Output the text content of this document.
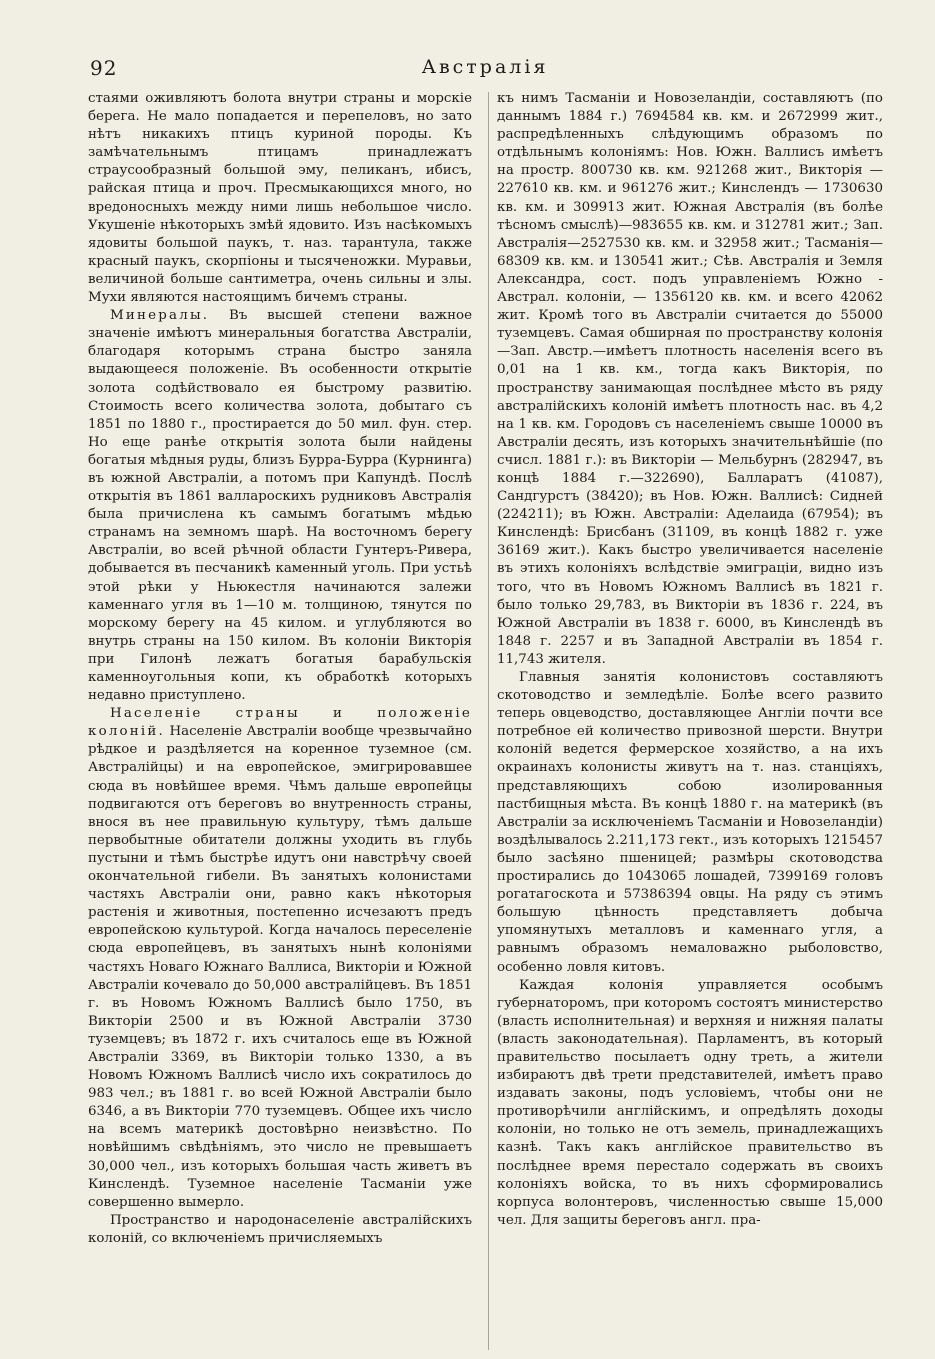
92	Австралія

стаями оживляютъ болота внутри страны и морскіе берега. Не мало попадается и перепеловъ, но зато нѣтъ никакихъ птицъ куриной породы. Къ замѣчательнымъ птицамъ принадлежатъ страусообразный большой эму, пеликанъ, ибисъ, райская птица и проч. Пресмыкающихся много, но вредоносныхъ между ними лишь небольшое число. Укушеніе нѣкоторыхъ змѣй ядовито. Изъ насѣкомыхъ ядовиты большой паукъ, т. наз. тарантула, также красный паукъ, скорпіоны и тысяченожки. Муравьи, величиной больше сантиметра, очень сильны и злы. Мухи являются настоящимъ бичемъ страны.

Минералы. Въ высшей степени важное значеніе имѣютъ минеральныя богатства Австраліи, благодаря которымъ страна быстро заняла выдающееся положеніе. Въ особенности открытіе золота содѣйствовало ея быстрому развитію. Стоимость всего количества золота, добытаго съ 1851 по 1880 г., простирается до 50 мил. фун. стер. Но еще ранѣе открытія золота были найдены богатыя мѣдныя руды, близъ Бурра-Бурра (Курнинга) въ южной Австраліи, а потомъ при Капундѣ. Послѣ открытія въ 1861 валлароскихъ рудниковъ Австралія была причислена къ самымъ богатымъ мѣдью странамъ на земномъ шарѣ. На восточномъ берегу Австраліи, во всей рѣчной области Гунтеръ-Ривера, добывается въ песчаникѣ каменный уголь. При устьѣ этой рѣки у Ньюкестля начинаются залежи каменнаго угля въ 1—10 м. толщиною, тянутся по морскому берегу на 45 килом. и углубляются во внутрь страны на 150 килом. Въ колоніи Викторія при Гилонѣ лежатъ богатыя барабульскія каменноугольныя копи, къ обработкѣ которыхъ недавно приступлено.

Населеніе страны и положеніе колоній. Населеніе Австраліи вообще чрезвычайно рѣдкое и раздѣляется на коренное туземное (см. Австралійцы) и на европейское, эмигрировавшее сюда въ новѣйшее время. Чѣмъ дальше европейцы подвигаются отъ береговъ во внутренность страны, внося въ нее правильную культуру, тѣмъ дальше первобытные обитатели должны уходить въ глубь пустыни и тѣмъ быстрѣе идутъ они навстрѣчу своей окончательной гибели. Въ занятыхъ колонистами частяхъ Австраліи они, равно какъ нѣкоторыя растенія и животныя, постепенно исчезаютъ предъ европейскою культурой. Когда началось переселеніе сюда европейцевъ, въ занятыхъ нынѣ колоніями частяхъ Новаго Южнаго Валлиса, Викторіи и Южной Австраліи кочевало до 50,000 австралійцевъ. Въ 1851 г. въ Новомъ Южномъ Валлисѣ было 1750, въ Викторіи 2500 и въ Южной Австраліи 3730 туземцевъ; въ 1872 г. ихъ считалось еще въ Южной Австраліи 3369, въ Викторіи только 1330, а въ Новомъ Южномъ Валлисѣ число ихъ сократилось до 983 чел.; въ 1881 г. во всей Южной Австраліи было 6346, а въ Викторіи 770 туземцевъ. Общее ихъ число на всемъ материкѣ достовѣрно неизвѣстно. По новѣйшимъ свѣдѣніямъ, это число не превышаетъ 30,000 чел., изъ которыхъ большая часть живетъ въ Кинслендѣ. Туземное населеніе Тасманіи уже совершенно вымерло.

Пространство и народонаселеніе австралійскихъ колоній, со включеніемъ причисляемыхъ

къ нимъ Тасманіи и Новозеландіи, составляютъ (по даннымъ 1884 г.) 7694584 кв. км. и 2672999 жит., распредѣленныхъ слѣдующимъ образомъ по отдѣльнымъ колоніямъ: Нов. Южн. Валлисъ имѣетъ на простр. 800730 кв. км. 921268 жит., Викторія — 227610 кв. км. и 961276 жит.; Кинслендъ — 1730630 кв. км. и 309913 жит. Южная Австралія (въ болѣе тѣсномъ смыслѣ)—983655 кв. км. и 312781 жит.; Зап. Австралія—2527530 кв. км. и 32958 жит.; Тасманія—68309 кв. км. и 130541 жит.; Сѣв. Австралія и Земля Александра, сост. подъ управленіемъ Южно - Австрал. колоніи, — 1356120 кв. км. и всего 42062 жит. Кромѣ того въ Австраліи считается до 55000 туземцевъ. Самая обширная по пространству колонія—Зап. Австр.—имѣетъ плотность населенія всего въ 0,01 на 1 кв. км., тогда какъ Викторія, по пространству занимающая послѣднее мѣсто въ ряду австралійскихъ колоній имѣетъ плотность нас. въ 4,2 на 1 кв. км. Городовъ съ населеніемъ свыше 10000 въ Австраліи десять, изъ которыхъ значительнѣйшіе (по счисл. 1881 г.): въ Викторіи — Мельбурнъ (282947, въ концѣ 1884 г.—322690), Балларатъ (41087), Сандгурстъ (38420); въ Нов. Южн. Валлисѣ: Сидней (224211); въ Южн. Австраліи: Аделаида (67954); въ Кинслендѣ: Брисбанъ (31109, въ концѣ 1882 г. уже 36169 жит.). Какъ быстро увеличивается населеніе въ этихъ колоніяхъ вслѣдствіе эмиграціи, видно изъ того, что въ Новомъ Южномъ Валлисѣ въ 1821 г. было только 29,783, въ Викторіи въ 1836 г. 224, въ Южной Австраліи въ 1838 г. 6000, въ Кинслендѣ въ 1848 г. 2257 и въ Западной Австраліи въ 1854 г. 11,743 жителя.

Главныя занятія колонистовъ составляютъ скотоводство и земледѣліе. Болѣе всего развито теперь овцеводство, доставляющее Англіи почти все потребное ей количество привозной шерсти. Внутри колоній ведется фермерское хозяйство, а на ихъ окраинахъ колонисты живутъ на т. наз. станціяхъ, представляющихъ собою изолированныя пастбищныя мѣста. Въ концѣ 1880 г. на материкѣ (въ Австраліи за исключеніемъ Тасманіи и Новозеландіи) воздѣлывалось 2.211,173 гект., изъ которыхъ 1215457 было засѣяно пшеницей; размѣры скотоводства простирались до 1043065 лошадей, 7399169 головъ рогатагоскота и 57386394 овцы. На ряду съ этимъ большую цѣнность представляетъ добыча упомянутыхъ металловъ и каменнаго угля, а равнымъ образомъ немаловажно рыболовство, особенно ловля китовъ.

Каждая колонія управляется особымъ губернаторомъ, при которомъ состоятъ министерство (власть исполнительная) и верхняя и нижняя палаты (власть законодательная). Парламентъ, въ который правительство посылаетъ одну треть, а жители избираютъ двѣ трети представителей, имѣетъ право издавать законы, подъ условіемъ, чтобы они не противорѣчили англійскимъ, и опредѣлять доходы колоніи, но только не отъ земель, принадлежащихъ казнѣ. Такъ какъ англійское правительство въ послѣднее время перестало содержать въ своихъ колоніяхъ войска, то въ нихъ сформировались корпуса волонтеровъ, численностью свыше 15,000 чел. Для защиты береговъ англ. пра-
